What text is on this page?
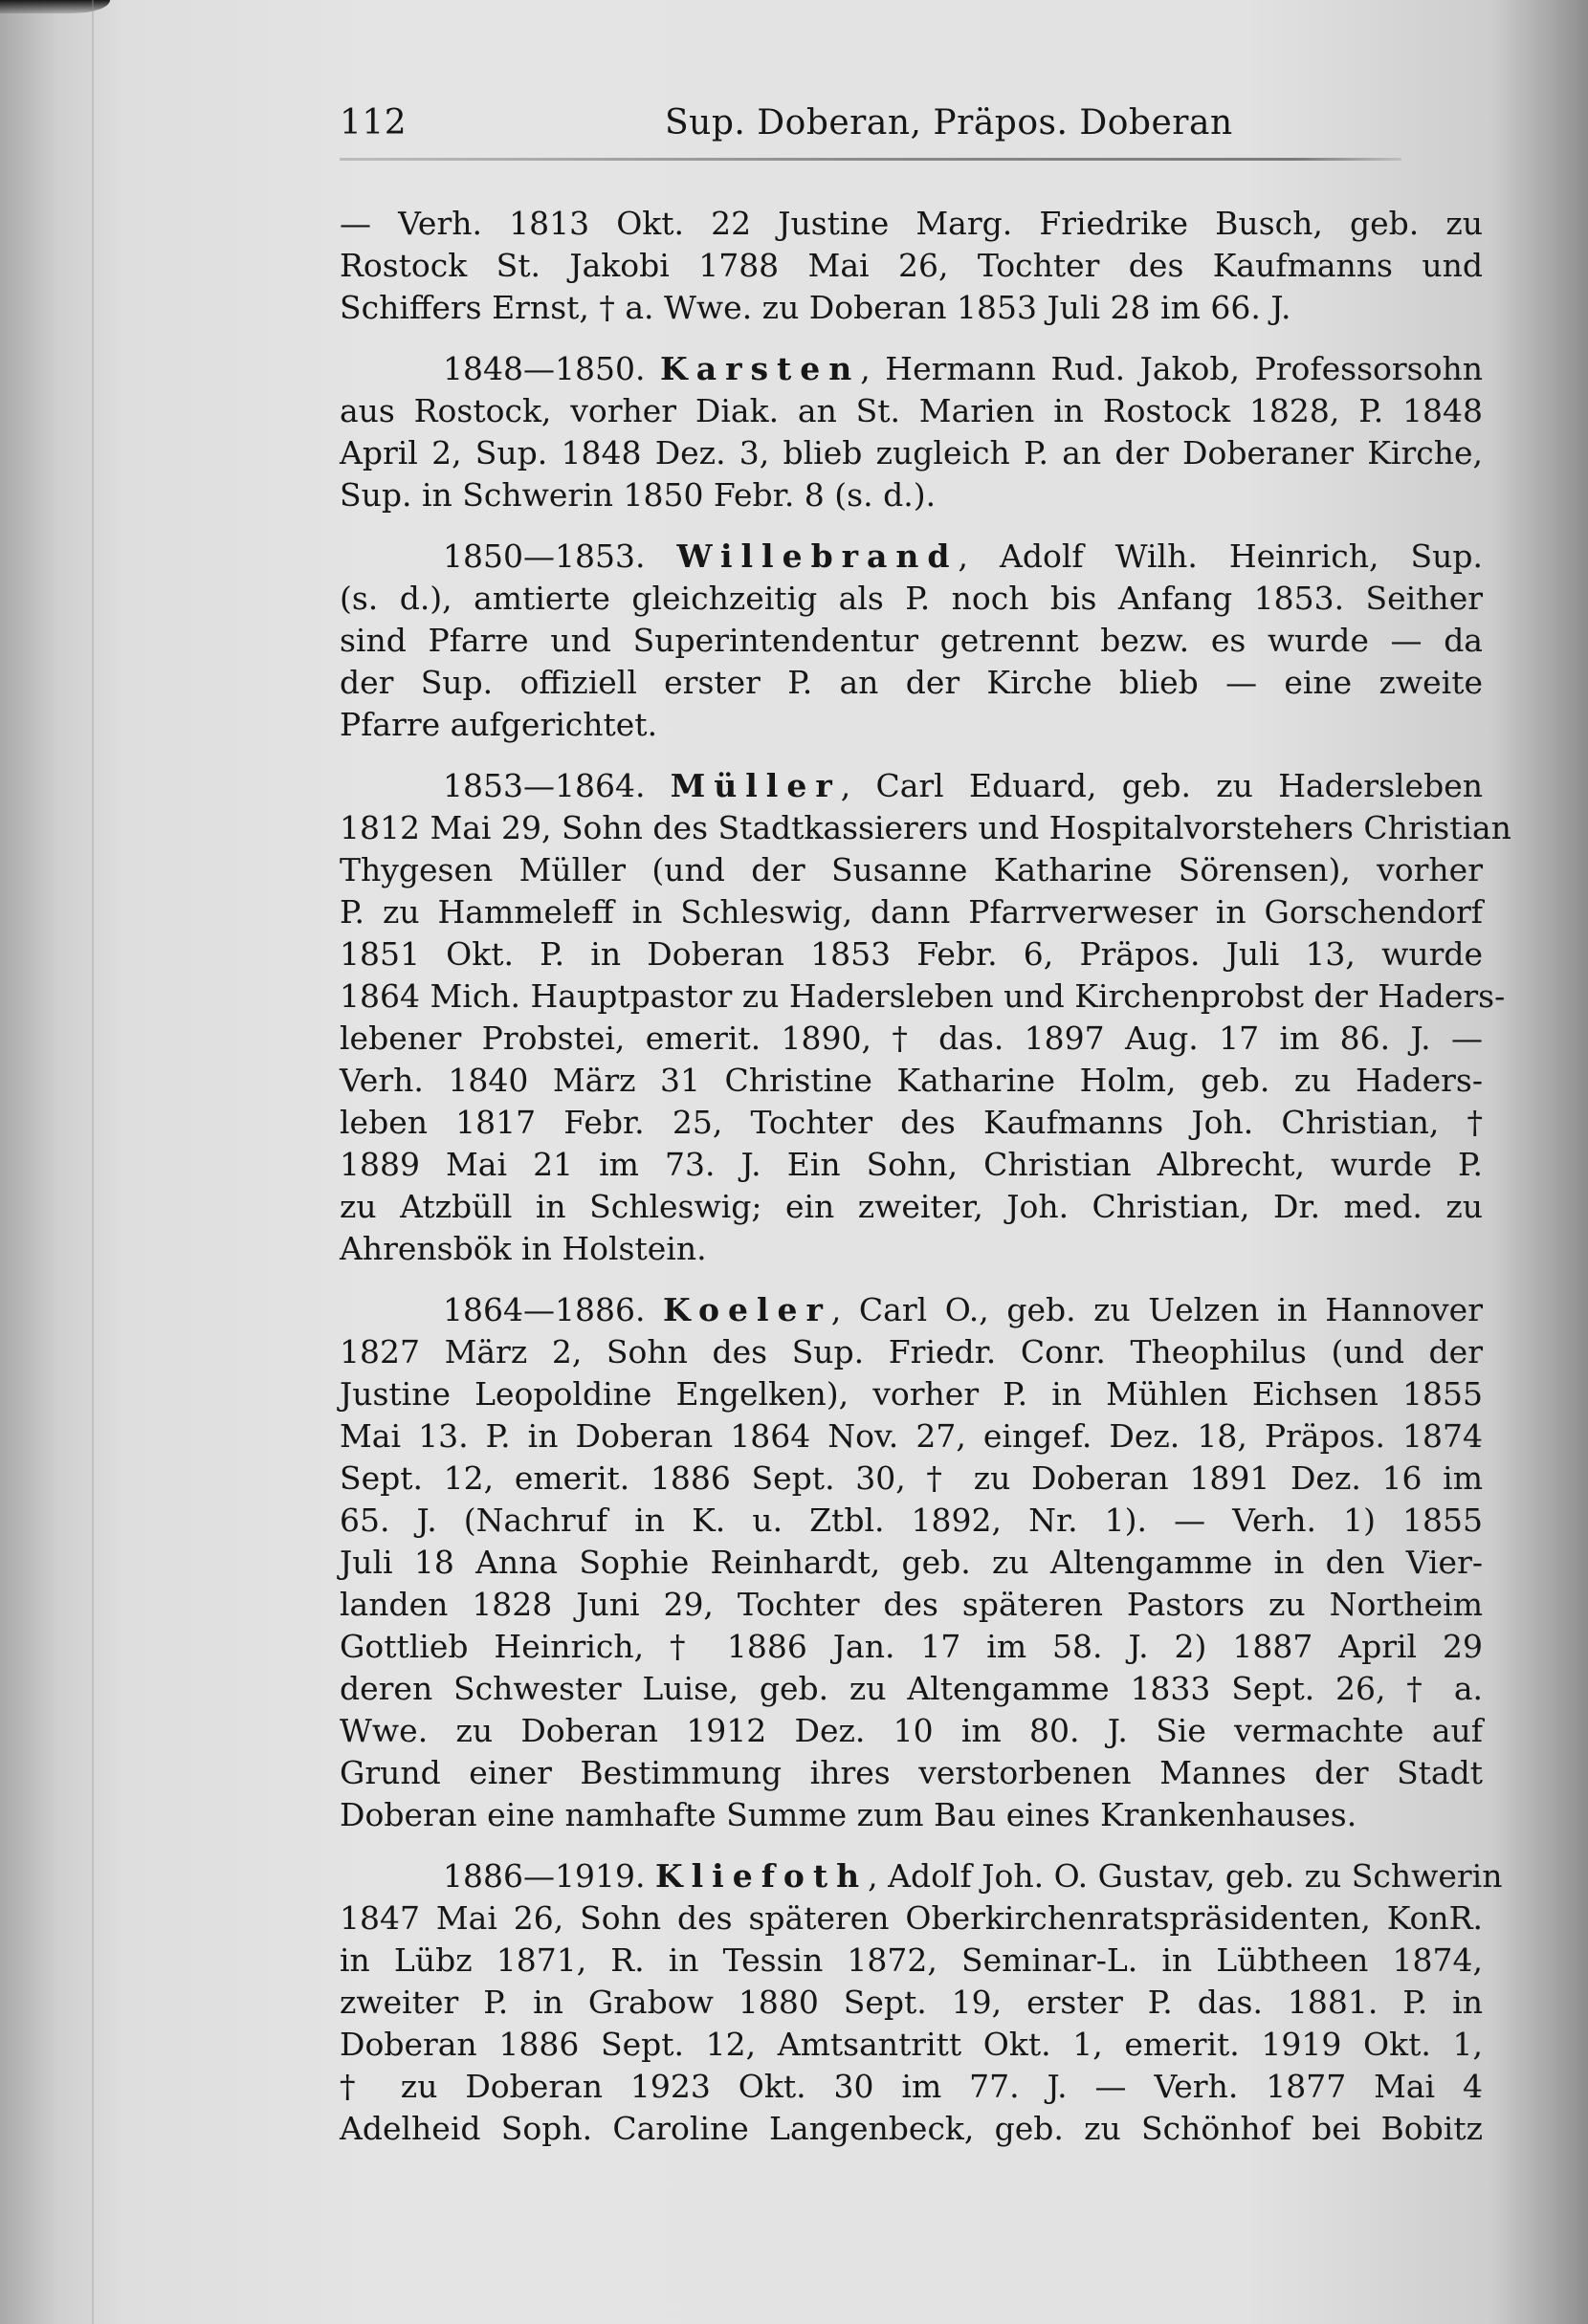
112	Sup. Doberan, Präpos. Doberan
— Verh. 1813 Okt. 22 Justine Marg. Friedrike Busch, geb. zu
Rostock St. Jakobi 1788 Mai 26, Tochter des Kaufmanns und
Schiffers Ernst, † a. Wwe. zu Doberan 1853 Juli 28 im 66. J.
1848—1850. Karsten, Hermann Rud. Jakob, Professorsohn
aus Rostock, vorher Diak. an St. Marien in Rostock 1828, P. 1848
April 2, Sup. 1848 Dez. 3, blieb zugleich P. an der Doberaner Kirche,
Sup. in Schwerin 1850 Febr. 8 (s. d.).
1850—1853. Willebrand, Adolf Wilh. Heinrich, Sup.
(s. d.), amtierte gleichzeitig als P. noch bis Anfang 1853. Seither
sind Pfarre und Superintendentur getrennt bezw. es wurde — da
der Sup. offiziell erster P. an der Kirche blieb — eine zweite
Pfarre aufgerichtet.
1853—1864. Müller, Carl Eduard, geb. zu Hadersleben
1812 Mai 29, Sohn des Stadtkassierers und Hospitalvorstehers Christian
Thygesen Müller (und der Susanne Katharine Sörensen), vorher
P. zu Hammeleff in Schleswig, dann Pfarrverweser in Gorschendorf
1851 Okt. P. in Doberan 1853 Febr. 6, Präpos. Juli 13, wurde
1864 Mich. Hauptpastor zu Hadersleben und Kirchenprobst der Haders-
lebener Probstei, emerit. 1890, † das. 1897 Aug. 17 im 86. J. —
Verh. 1840 März 31 Christine Katharine Holm, geb. zu Haders-
leben 1817 Febr. 25, Tochter des Kaufmanns Joh. Christian, †
1889 Mai 21 im 73. J. Ein Sohn, Christian Albrecht, wurde P.
zu Atzbüll in Schleswig; ein zweiter, Joh. Christian, Dr. med. zu
Ahrensbök in Holstein.
1864—1886. Koeler, Carl O., geb. zu Uelzen in Hannover
1827 März 2, Sohn des Sup. Friedr. Conr. Theophilus (und der
Justine Leopoldine Engelken), vorher P. in Mühlen Eichsen 1855
Mai 13. P. in Doberan 1864 Nov. 27, eingef. Dez. 18, Präpos. 1874
Sept. 12, emerit. 1886 Sept. 30, † zu Doberan 1891 Dez. 16 im
65. J. (Nachruf in K. u. Ztbl. 1892, Nr. 1). — Verh. 1) 1855
Juli 18 Anna Sophie Reinhardt, geb. zu Altengamme in den Vier-
landen 1828 Juni 29, Tochter des späteren Pastors zu Northeim
Gottlieb Heinrich, † 1886 Jan. 17 im 58. J. 2) 1887 April 29
deren Schwester Luise, geb. zu Altengamme 1833 Sept. 26, † a.
Wwe. zu Doberan 1912 Dez. 10 im 80. J. Sie vermachte auf
Grund einer Bestimmung ihres verstorbenen Mannes der Stadt
Doberan eine namhafte Summe zum Bau eines Krankenhauses.
1886—1919. Kliefoth, Adolf Joh. O. Gustav, geb. zu Schwerin
1847 Mai 26, Sohn des späteren Oberkirchenratspräsidenten, KonR.
in Lübz 1871, R. in Tessin 1872, Seminar-L. in Lübtheen 1874,
zweiter P. in Grabow 1880 Sept. 19, erster P. das. 1881. P. in
Doberan 1886 Sept. 12, Amtsantritt Okt. 1, emerit. 1919 Okt. 1,
† zu Doberan 1923 Okt. 30 im 77. J. — Verh. 1877 Mai 4
Adelheid Soph. Caroline Langenbeck, geb. zu Schönhof bei Bobitz
